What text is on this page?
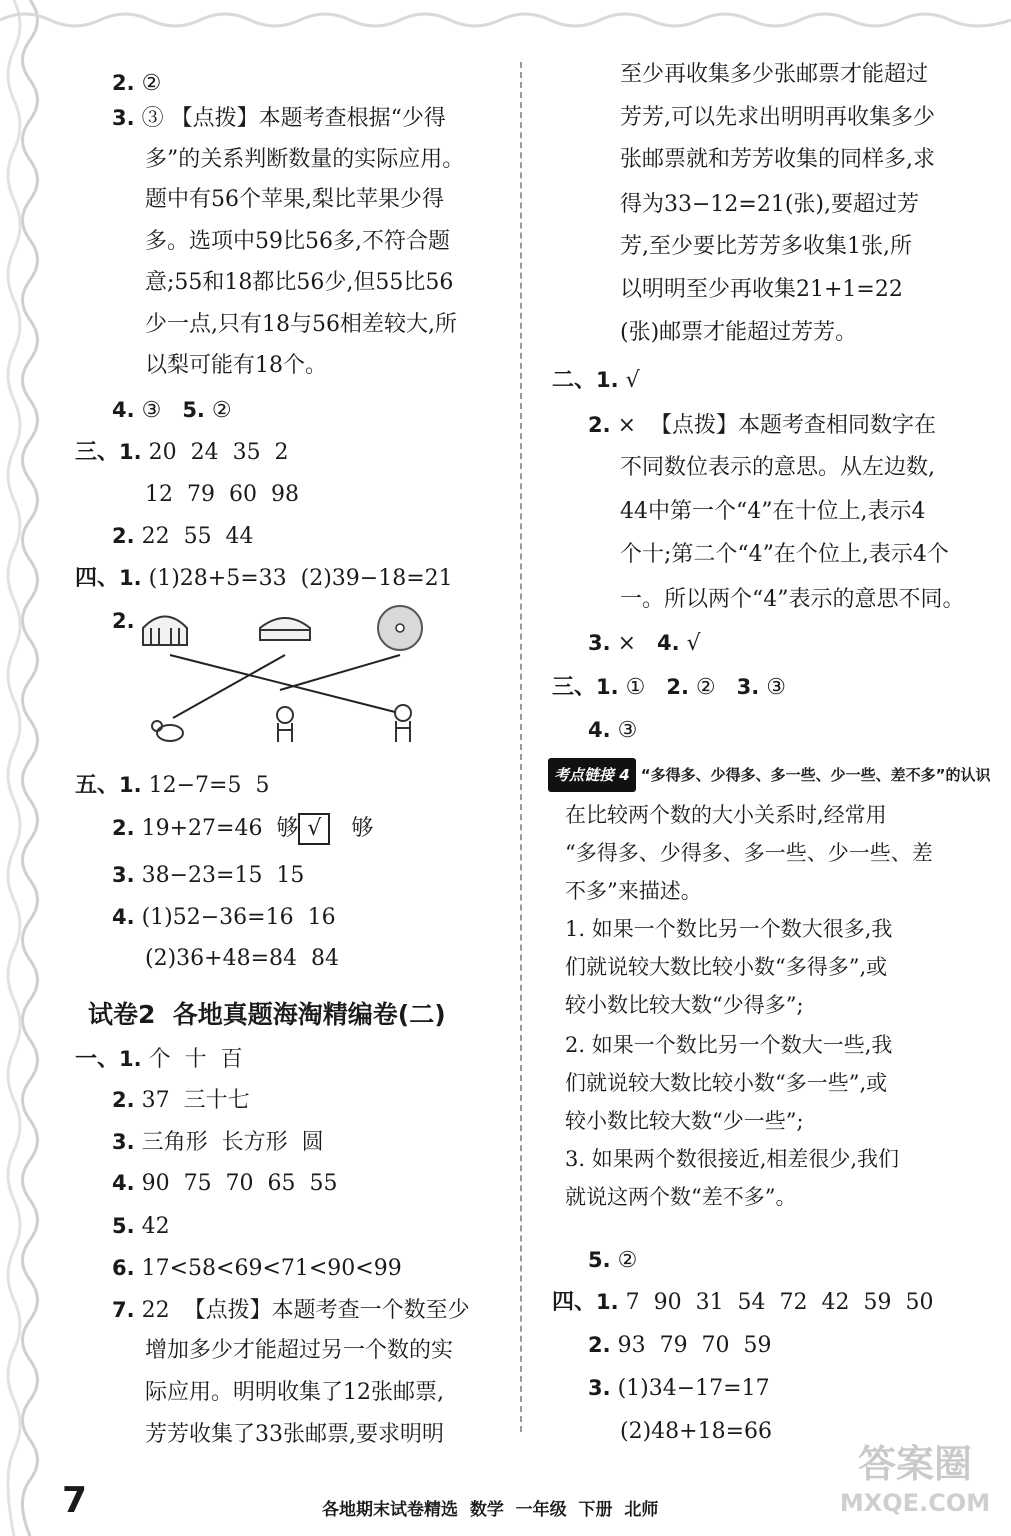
2. ②
3. ③ 【点拨】本题考查根据“少得
多”的关系判断数量的实际应用。
题中有56个苹果,梨比苹果少得
多。选项中59比56多,不符合题
意;55和18都比56少,但55比56
少一点,只有18与56相差较大,所
以梨可能有18个。
4. ③ 5. ②
三、1. 20  24  35  2
12  79  60  98
2. 22  55  44
四、1. (1)28+5=33  (2)39−18=21
2.
五、1. 12−7=5  5
2. 19+27=46  够 √ 够
3. 38−23=15  15
4. (1)52−36=16  16
(2)36+48=84  84
试卷2  各地真题海淘精编卷(二)
一、1. 个  十  百
2. 37  三十七
3. 三角形  长方形  圆
4. 90  75  70  65  55
5. 42
6. 17<58<69<71<90<99
7. 22  【点拨】本题考查一个数至少
增加多少才能超过另一个数的实
际应用。明明收集了12张邮票,
芳芳收集了33张邮票,要求明明
至少再收集多少张邮票才能超过
芳芳,可以先求出明明再收集多少
张邮票就和芳芳收集的同样多,求
得为33−12=21(张),要超过芳
芳,至少要比芳芳多收集1张,所
以明明至少再收集21+1=22
(张)邮票才能超过芳芳。
二、1. √
2. ×  【点拨】本题考查相同数字在
不同数位表示的意思。从左边数,
44中第一个“4”在十位上,表示4
个十;第二个“4”在个位上,表示4个
一。所以两个“4”表示的意思不同。
3. × 4. √
三、1. ① 2. ② 3. ③
4. ③
考点链接 4 “多得多、少得多、多一些、少一些、差不多”的认识
在比较两个数的大小关系时,经常用
“多得多、少得多、多一些、少一些、差
不多”来描述。
1. 如果一个数比另一个数大很多,我
们就说较大数比较小数“多得多”,或
较小数比较大数“少得多”;
2. 如果一个数比另一个数大一些,我
们就说较大数比较小数“多一些”,或
较小数比较大数“少一些”;
3. 如果两个数很接近,相差很少,我们
就说这两个数“差不多”。
5. ②
四、1. 7  90  31  54  72  42  59  50
2. 93  79  70  59
3. (1)34−17=17
(2)48+18=66
7	各地期末试卷精选  数学  一年级  下册  北师
答案圈
MXQE.COM
